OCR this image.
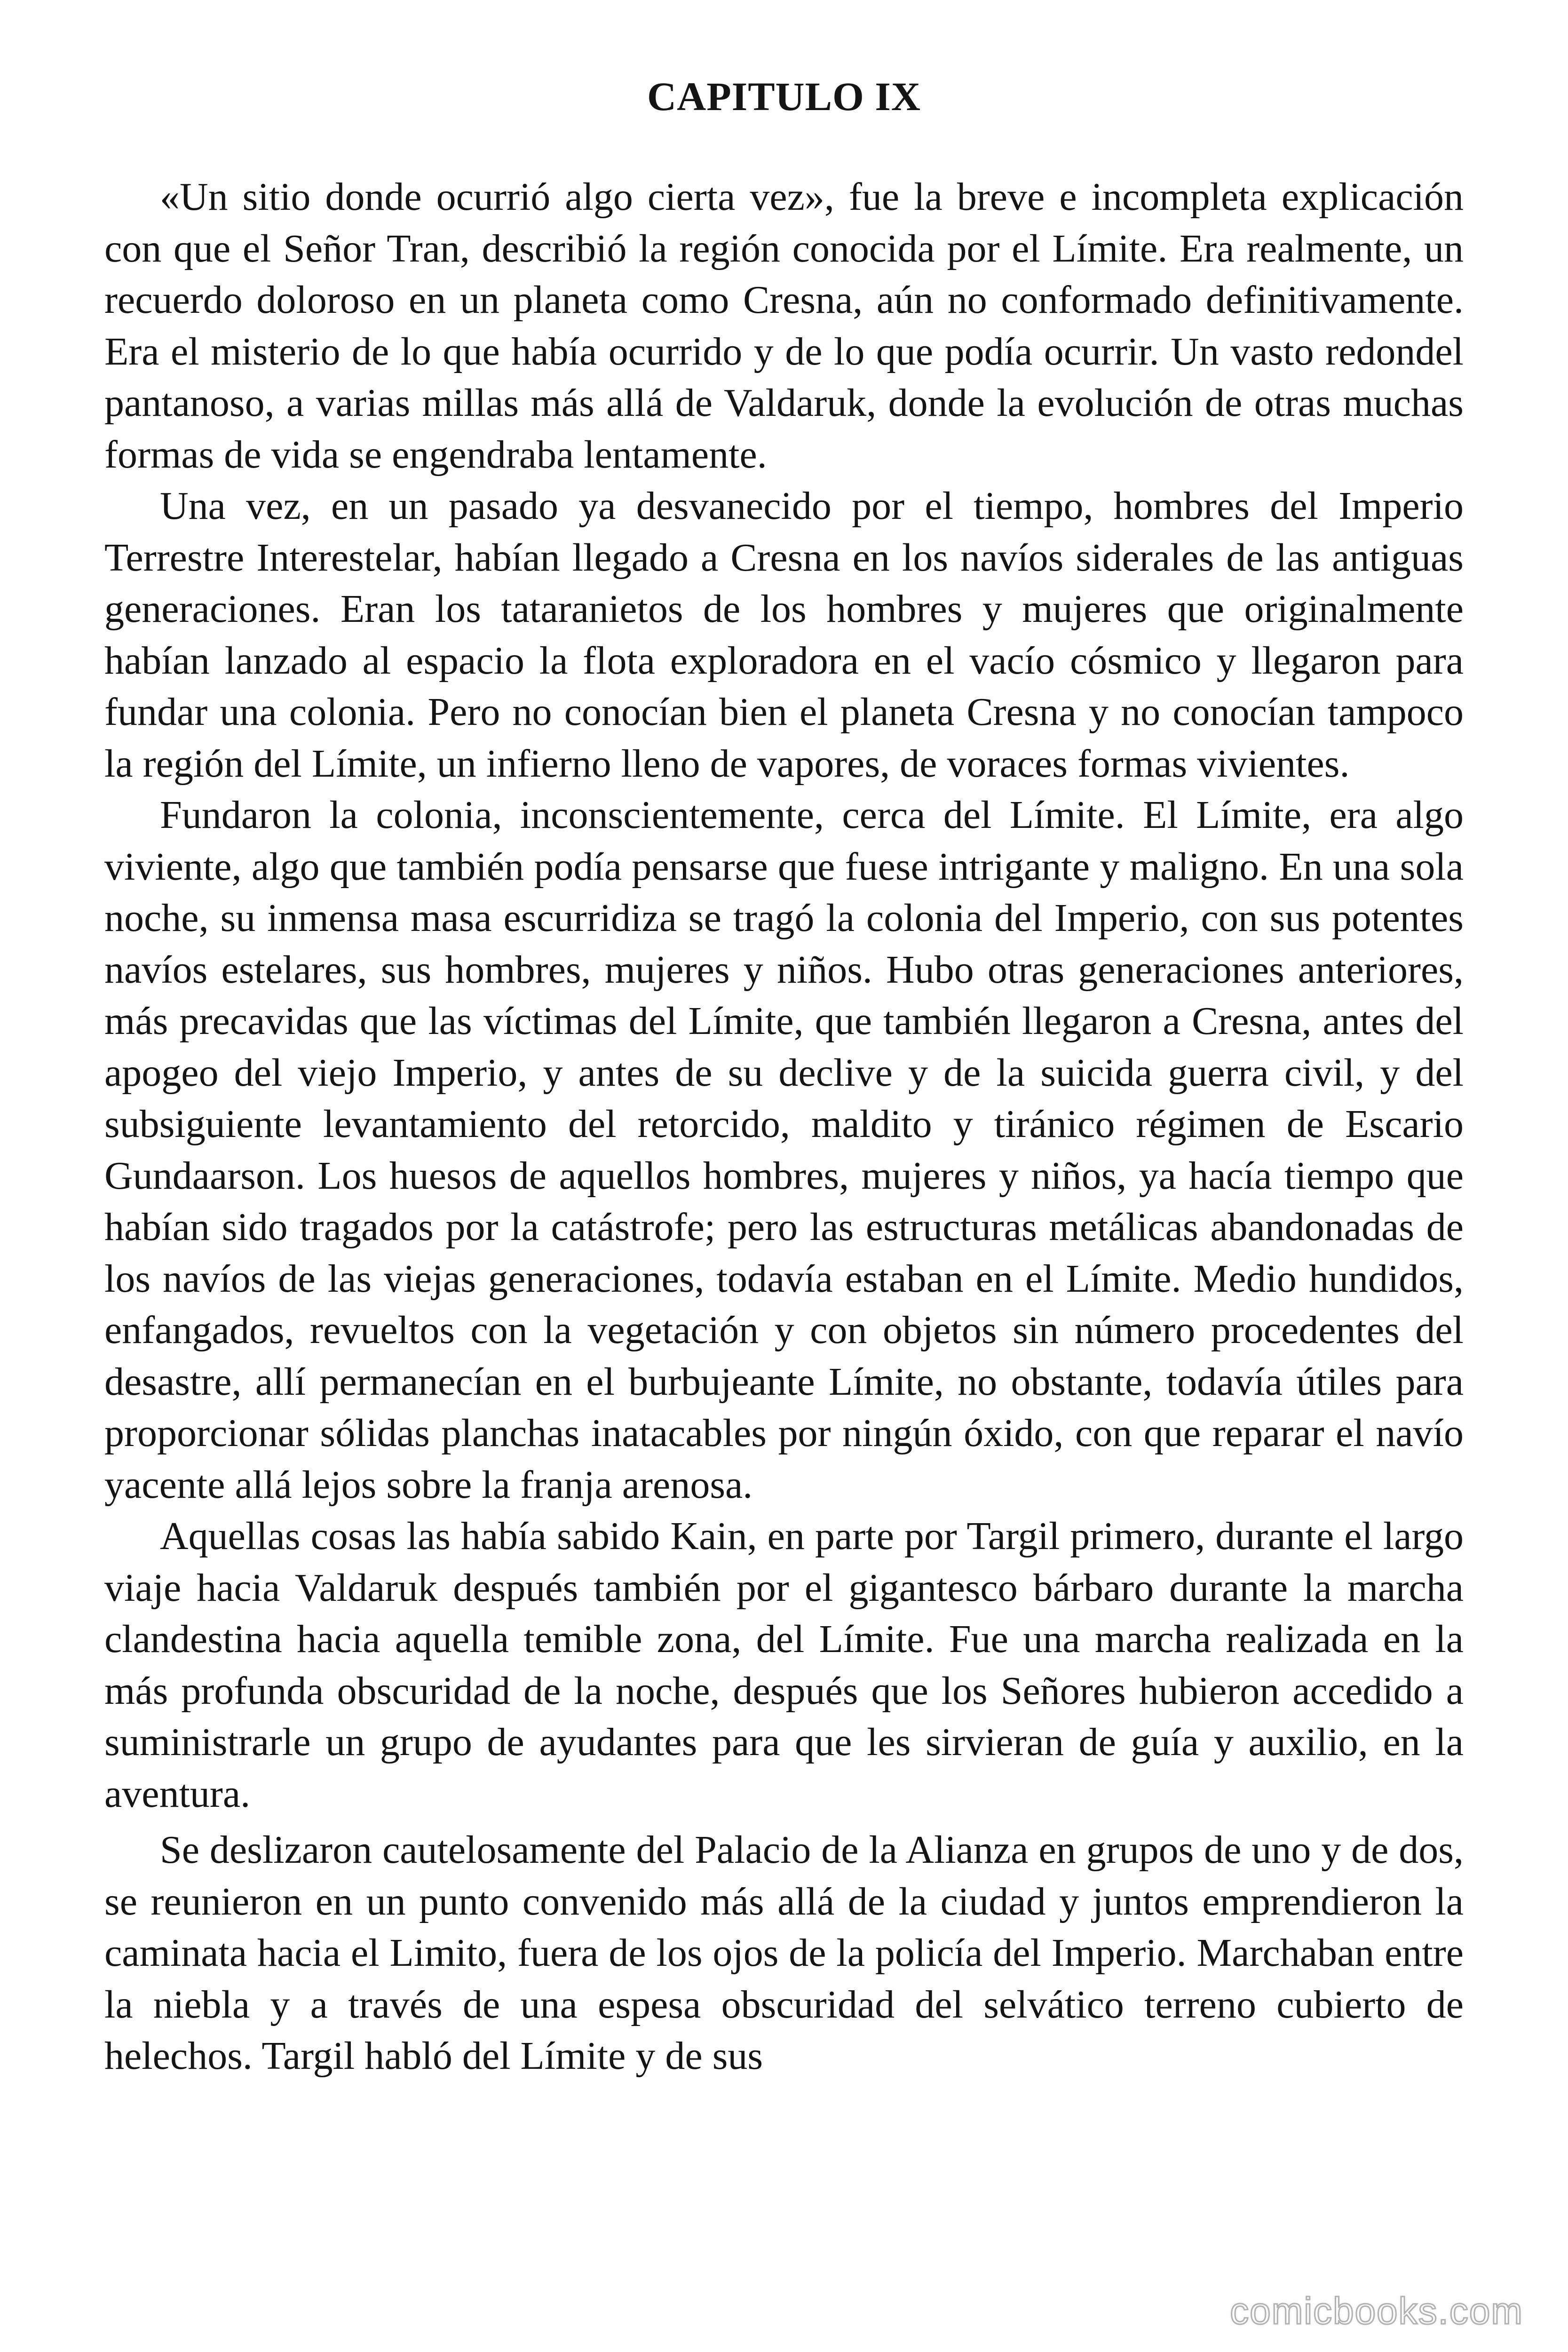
CAPITULO IX

«Un sitio donde ocurrió algo cierta vez», fue la breve e incompleta explicación con que el Señor Tran, describió la región conocida por el Límite. Era realmente, un recuerdo doloroso en un planeta como Cresna, aún no conformado definitivamente. Era el misterio de lo que había ocurrido y de lo que podía ocurrir. Un vasto redondel pantanoso, a varias millas más allá de Valdaruk, donde la evolución de otras muchas formas de vida se engendraba lentamente.

Una vez, en un pasado ya desvanecido por el tiempo, hombres del Imperio Terrestre Interestelar, habían llegado a Cresna en los navíos siderales de las antiguas generaciones. Eran los tataranietos de los hombres y mujeres que originalmente habían lanzado al espacio la flota exploradora en el vacío cósmico y llegaron para fundar una colonia. Pero no conocían bien el planeta Cresna y no conocían tampoco la región del Límite, un infierno lleno de vapores, de voraces formas vivientes.

Fundaron la colonia, inconscientemente, cerca del Límite. El Límite, era algo viviente, algo que también podía pensarse que fuese intrigante y maligno. En una sola noche, su inmensa masa escurridiza se tragó la colonia del Imperio, con sus potentes navíos estelares, sus hombres, mujeres y niños. Hubo otras generaciones anteriores, más precavidas que las víctimas del Límite, que también llegaron a Cresna, antes del apogeo del viejo Imperio, y antes de su declive y de la suicida guerra civil, y del subsiguiente levantamiento del retorcido, maldito y tiránico régimen de Escario Gundaarson. Los huesos de aquellos hombres, mujeres y niños, ya hacía tiempo que habían sido tragados por la catástrofe; pero las estructuras metálicas abandonadas de los navíos de las viejas generaciones, todavía estaban en el Límite. Medio hundidos, enfangados, revueltos con la vegetación y con objetos sin número procedentes del desastre, allí permanecían en el burbujeante Límite, no obstante, todavía útiles para proporcionar sólidas planchas inatacables por ningún óxido, con que reparar el navío yacente allá lejos sobre la franja arenosa.

Aquellas cosas las había sabido Kain, en parte por Targil primero, durante el largo viaje hacia Valdaruk después también por el gigantesco bárbaro durante la marcha clandestina hacia aquella temible zona, del Límite. Fue una marcha realizada en la más profunda obscuridad de la noche, después que los Señores hubieron accedido a suministrarle un grupo de ayudantes para que les sirvieran de guía y auxilio, en la aventura.

Se deslizaron cautelosamente del Palacio de la Alianza en grupos de uno y de dos, se reunieron en un punto convenido más allá de la ciudad y juntos emprendieron la caminata hacia el Limito, fuera de los ojos de la policía del Imperio. Marchaban entre la niebla y a través de una espesa obscuridad del selvático terreno cubierto de helechos. Targil habló del Límite y de sus

comicbooks.com
